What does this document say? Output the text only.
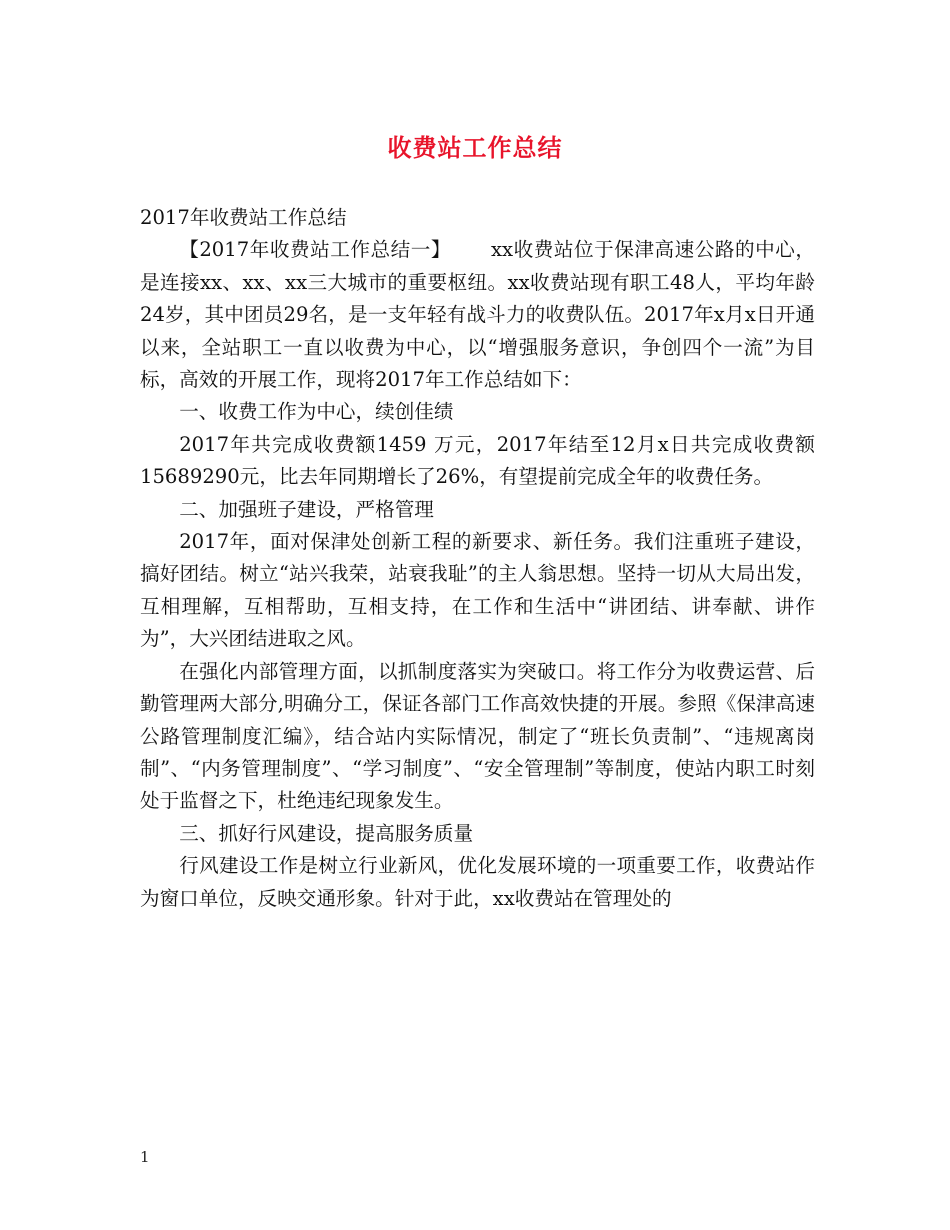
收费站工作总结

2017年收费站工作总结

【2017年收费站工作总结一】 xx收费站位于保津高速公路的中心，是连接xx、xx、xx三大城市的重要枢纽。xx收费站现有职工48人，平均年龄24岁，其中团员29名，是一支年轻有战斗力的收费队伍。2017年x月x日开通以来，全站职工一直以收费为中心，以“增强服务意识，争创四个一流”为目标，高效的开展工作，现将2017年工作总结如下：

一、收费工作为中心，续创佳绩

2017年共完成收费额1459 万元，2017年结至12月x日共完成收费额15689290元，比去年同期增长了26%，有望提前完成全年的收费任务。

二、加强班子建设，严格管理

2017年，面对保津处创新工程的新要求、新任务。我们注重班子建设，搞好团结。树立“站兴我荣，站衰我耻”的主人翁思想。坚持一切从大局出发，互相理解，互相帮助，互相支持，在工作和生活中“讲团结、讲奉献、讲作为”，大兴团结进取之风。

在强化内部管理方面，以抓制度落实为突破口。将工作分为收费运营、后勤管理两大部分,明确分工，保证各部门工作高效快捷的开展。参照《保津高速公路管理制度汇编》，结合站内实际情况，制定了“班长负责制”、“违规离岗制”、“内务管理制度”、“学习制度”、“安全管理制”等制度，使站内职工时刻处于监督之下，杜绝违纪现象发生。

三、抓好行风建设，提高服务质量

行风建设工作是树立行业新风，优化发展环境的一项重要工作，收费站作为窗口单位，反映交通形象。针对于此，xx收费站在管理处的

1
